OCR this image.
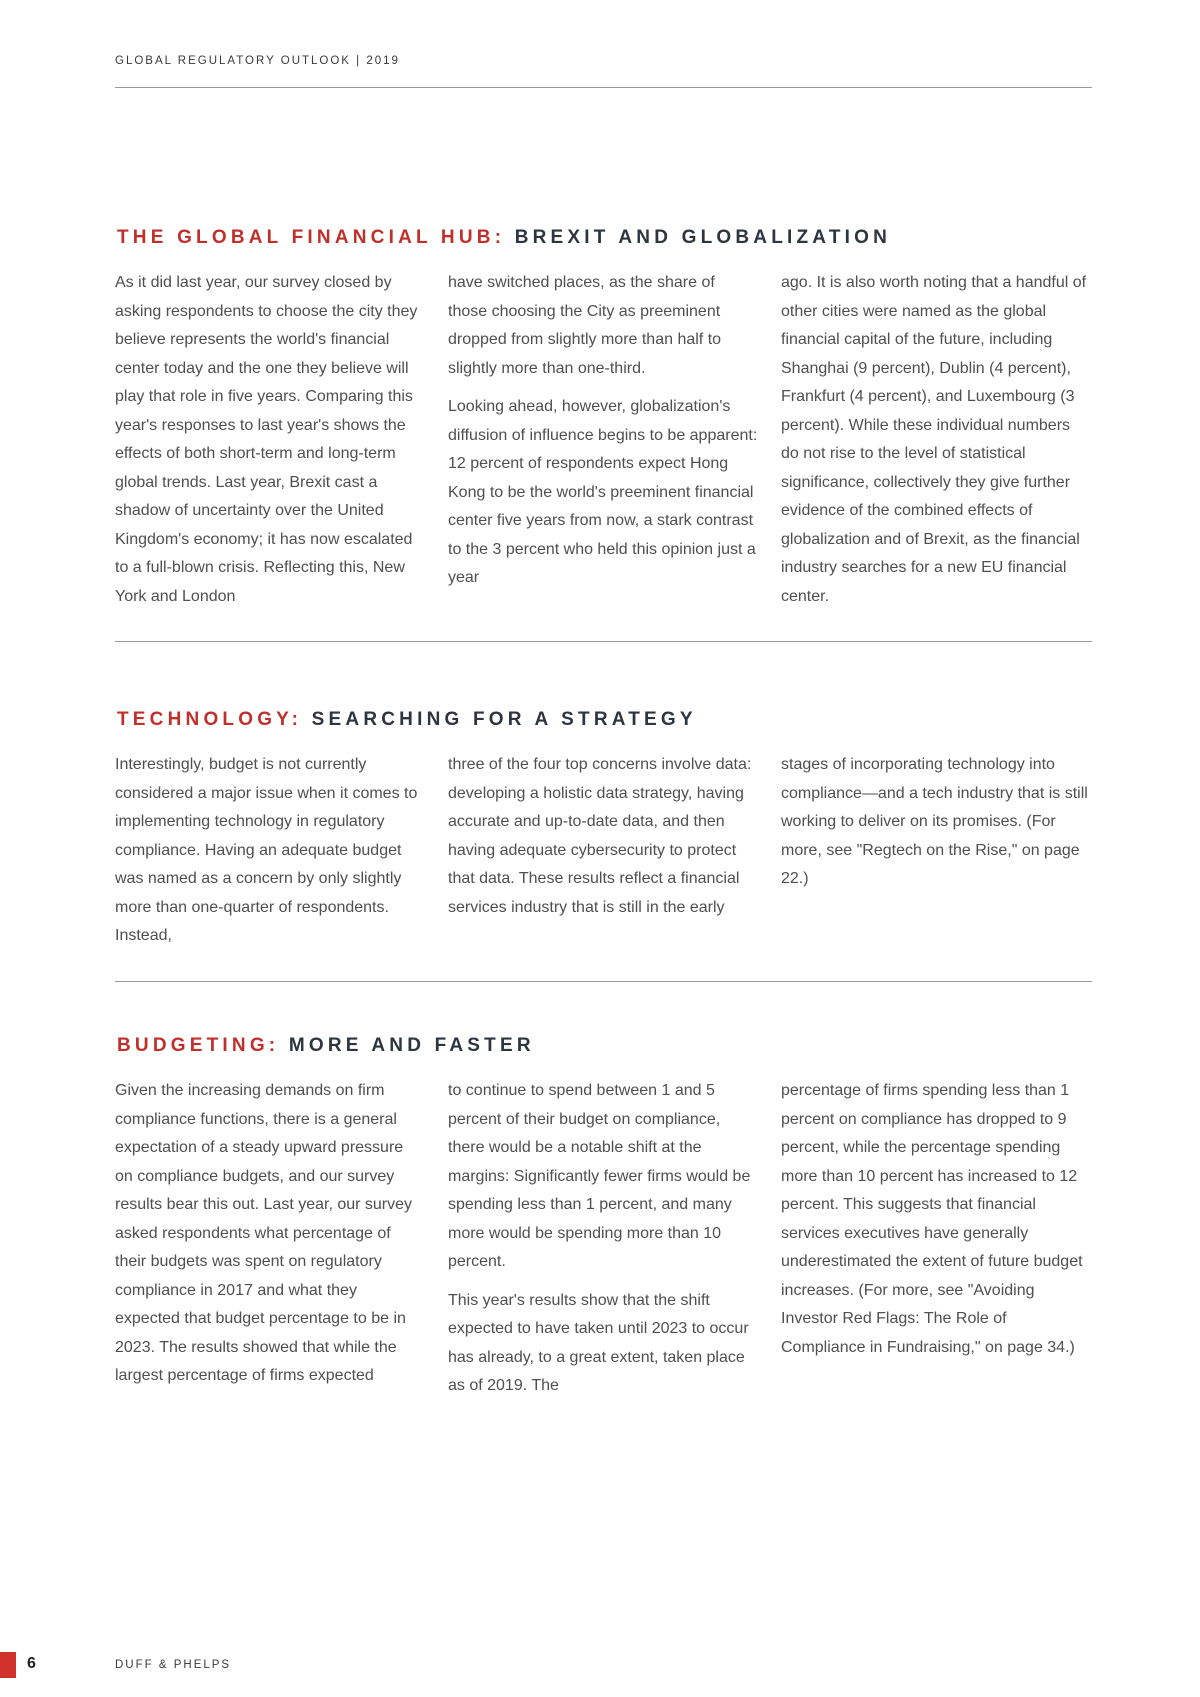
GLOBAL REGULATORY OUTLOOK | 2019
THE GLOBAL FINANCIAL HUB: BREXIT AND GLOBALIZATION

As it did last year, our survey closed by asking respondents to choose the city they believe represents the world's financial center today and the one they believe will play that role in five years. Comparing this year's responses to last year's shows the effects of both short-term and long-term global trends. Last year, Brexit cast a shadow of uncertainty over the United Kingdom's economy; it has now escalated to a full-blown crisis. Reflecting this, New York and London

have switched places, as the share of those choosing the City as preeminent dropped from slightly more than half to slightly more than one-third.

Looking ahead, however, globalization's diffusion of influence begins to be apparent: 12 percent of respondents expect Hong Kong to be the world's preeminent financial center five years from now, a stark contrast to the 3 percent who held this opinion just a year

ago. It is also worth noting that a handful of other cities were named as the global financial capital of the future, including Shanghai (9 percent), Dublin (4 percent), Frankfurt (4 percent), and Luxembourg (3 percent). While these individual numbers do not rise to the level of statistical significance, collectively they give further evidence of the combined effects of globalization and of Brexit, as the financial industry searches for a new EU financial center.

TECHNOLOGY: SEARCHING FOR A STRATEGY

Interestingly, budget is not currently considered a major issue when it comes to implementing technology in regulatory compliance. Having an adequate budget was named as a concern by only slightly more than one-quarter of respondents. Instead,

three of the four top concerns involve data: developing a holistic data strategy, having accurate and up-to-date data, and then having adequate cybersecurity to protect that data. These results reflect a financial services industry that is still in the early

stages of incorporating technology into compliance—and a tech industry that is still working to deliver on its promises. (For more, see "Regtech on the Rise," on page 22.)

BUDGETING: MORE AND FASTER

Given the increasing demands on firm compliance functions, there is a general expectation of a steady upward pressure on compliance budgets, and our survey results bear this out. Last year, our survey asked respondents what percentage of their budgets was spent on regulatory compliance in 2017 and what they expected that budget percentage to be in 2023. The results showed that while the largest percentage of firms expected

to continue to spend between 1 and 5 percent of their budget on compliance, there would be a notable shift at the margins: Significantly fewer firms would be spending less than 1 percent, and many more would be spending more than 10 percent.

This year's results show that the shift expected to have taken until 2023 to occur has already, to a great extent, taken place as of 2019. The

percentage of firms spending less than 1 percent on compliance has dropped to 9 percent, while the percentage spending more than 10 percent has increased to 12 percent. This suggests that financial services executives have generally underestimated the extent of future budget increases. (For more, see "Avoiding Investor Red Flags: The Role of Compliance in Fundraising," on page 34.)

6	DUFF & PHELPS
